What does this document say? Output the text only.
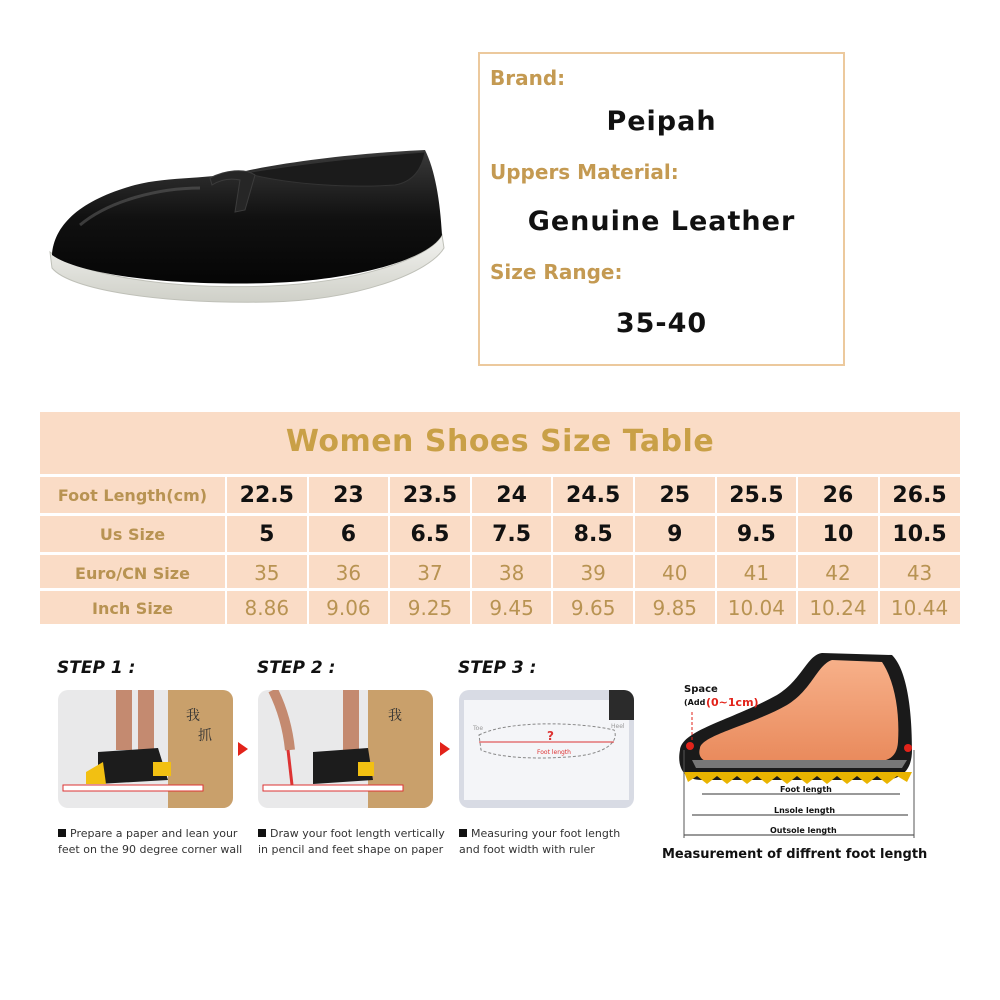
Brand:
Peipah
Uppers Material:
Genuine Leather
Size Range:
35-40
Women Shoes Size Table
Foot Length(cm)	22.5	23	23.5	24	24.5	25	25.5	26	26.5
Us Size	5	6	6.5	7.5	8.5	9	9.5	10	10.5
Euro/CN Size	35	36	37	38	39	40	41	42	43
Inch Size	8.86	9.06	9.25	9.45	9.65	9.85	10.04	10.24	10.44
STEP 1 :	STEP 2 :	STEP 3 :
我
抓
我
?
Foot length
Toe	Heel
Prepare a paper and lean your
feet on the 90 degree corner wall
Draw your foot length vertically
in pencil and feet shape on paper
Measuring your foot length
and foot width with ruler
Space
(Add (0~1cm)
Foot length
Lnsole length
Outsole length
Measurement of diffrent foot length
